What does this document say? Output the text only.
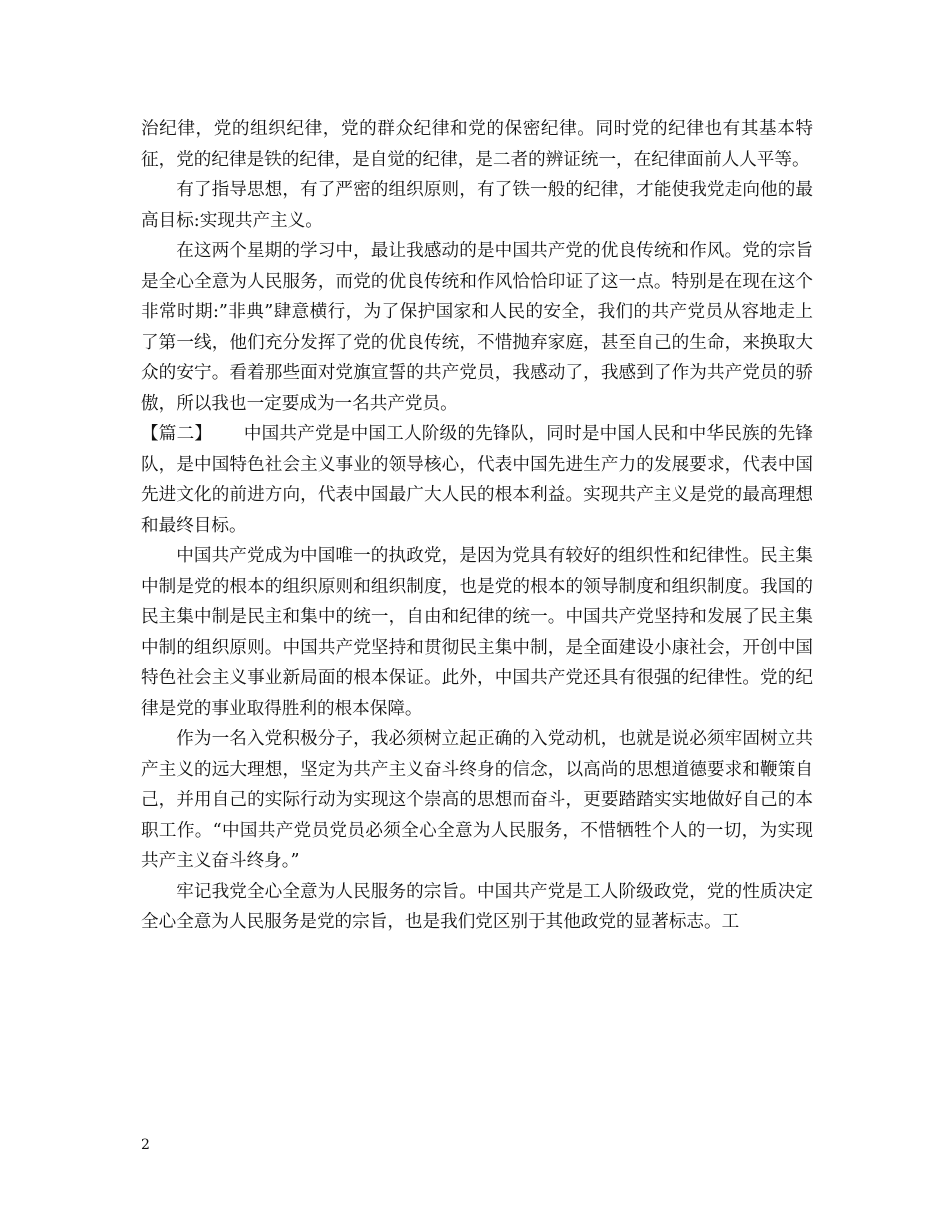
治纪律，党的组织纪律，党的群众纪律和党的保密纪律。同时党的纪律也有其基本特征，党的纪律是铁的纪律，是自觉的纪律，是二者的辨证统一，在纪律面前人人平等。

有了指导思想，有了严密的组织原则，有了铁一般的纪律，才能使我党走向他的最高目标:实现共产主义。

在这两个星期的学习中，最让我感动的是中国共产党的优良传统和作风。党的宗旨是全心全意为人民服务，而党的优良传统和作风恰恰印证了这一点。特别是在现在这个非常时期:”非典”肆意横行，为了保护国家和人民的安全，我们的共产党员从容地走上了第一线，他们充分发挥了党的优良传统，不惜抛弃家庭，甚至自己的生命，来换取大众的安宁。看着那些面对党旗宣誓的共产党员，我感动了，我感到了作为共产党员的骄傲，所以我也一定要成为一名共产党员。

【篇二】 中国共产党是中国工人阶级的先锋队，同时是中国人民和中华民族的先锋队，是中国特色社会主义事业的领导核心，代表中国先进生产力的发展要求，代表中国先进文化的前进方向，代表中国最广大人民的根本利益。实现共产主义是党的最高理想和最终目标。

中国共产党成为中国唯一的执政党，是因为党具有较好的组织性和纪律性。民主集中制是党的根本的组织原则和组织制度，也是党的根本的领导制度和组织制度。我国的民主集中制是民主和集中的统一，自由和纪律的统一。中国共产党坚持和发展了民主集中制的组织原则。中国共产党坚持和贯彻民主集中制，是全面建设小康社会，开创中国特色社会主义事业新局面的根本保证。此外，中国共产党还具有很强的纪律性。党的纪律是党的事业取得胜利的根本保障。

作为一名入党积极分子，我必须树立起正确的入党动机，也就是说必须牢固树立共产主义的远大理想，坚定为共产主义奋斗终身的信念，以高尚的思想道德要求和鞭策自己，并用自己的实际行动为实现这个崇高的思想而奋斗，更要踏踏实实地做好自己的本职工作。“中国共产党员党员必须全心全意为人民服务，不惜牺牲个人的一切，为实现共产主义奋斗终身。”

牢记我党全心全意为人民服务的宗旨。中国共产党是工人阶级政党，党的性质决定全心全意为人民服务是党的宗旨，也是我们党区别于其他政党的显著标志。工

2
